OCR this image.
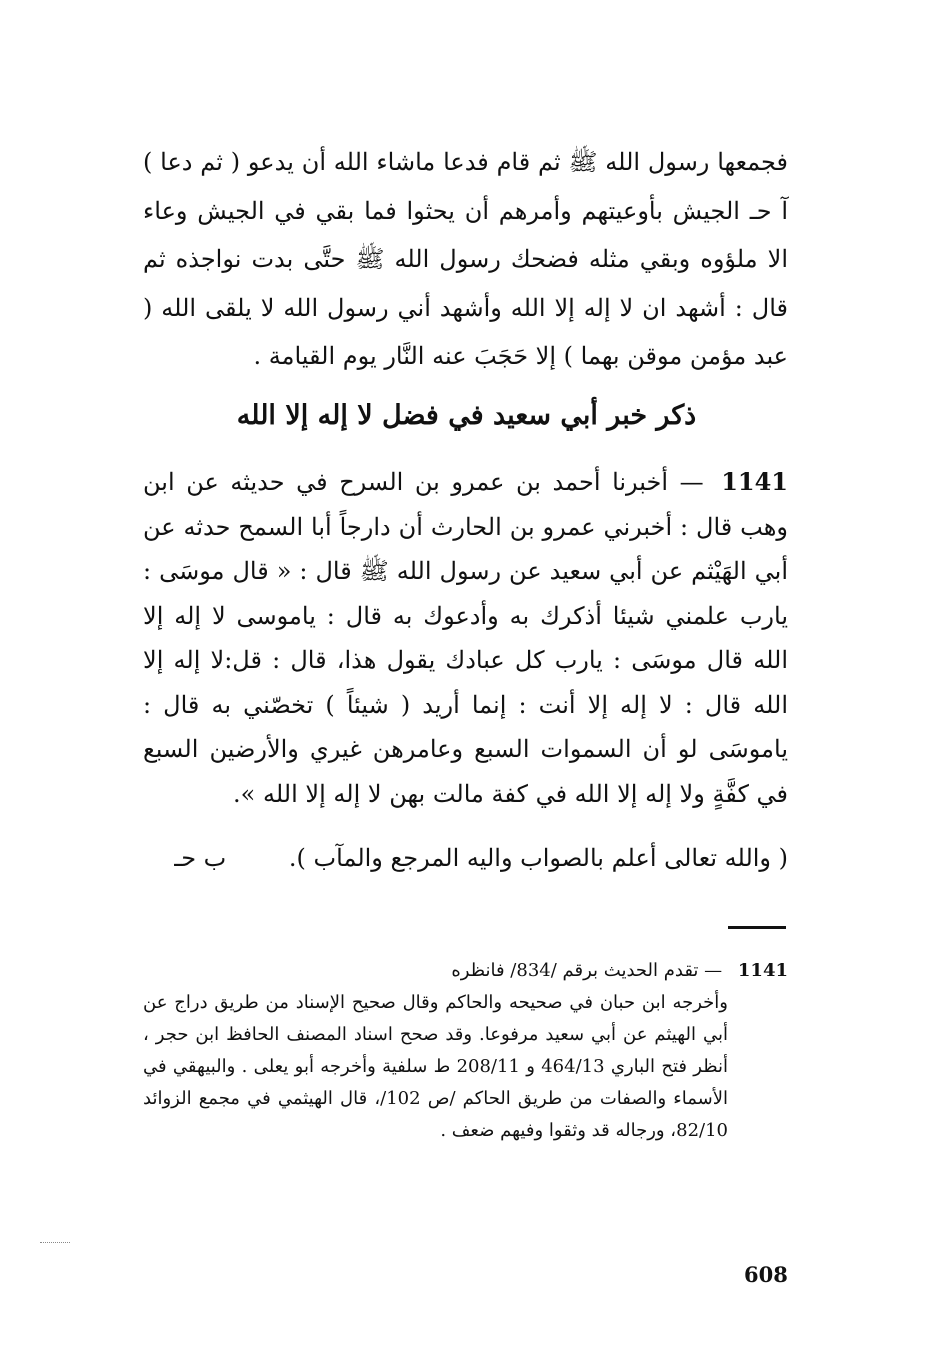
فجمعها رسول الله ﷺ ثم قام فدعا ماشاء الله أن يدعو ( ثم دعا ) آ حـ الجيش بأوعيتهم وأمرهم أن يحثوا فما بقي في الجيش وعاء الا ملؤوه وبقي مثله فضحك رسول الله ﷺ حتَّى بدت نواجذه ثم قال : أشهد ان لا إله إلا الله وأشهد أني رسول الله لا يلقى الله ( عبد مؤمن موقن بهما ) إلا حَجَبَ عنه النَّار يوم القيامة .
ذكر خبر أبي سعيد في فضل لا إله إلا الله
1141 — أخبرنا أحمد بن عمرو بن السرح في حديثه عن ابن وهب قال : أخبرني عمرو بن الحارث أن دارجاً أبا السمح حدثه عن أبي الهَيْثم عن أبي سعيد عن رسول الله ﷺ قال : « قال موسَى : يارب علمني شيئا أذكرك به وأدعوك به قال : ياموسى لا إله إلا الله قال موسَى : يارب كل عبادك يقول هذا، قال : قل:لا إله إلا الله قال : لا إله إلا أنت : إنما أريد ( شيئاً ) تخصّني به قال : ياموسَى لو أن السموات السبع وعامرهن غيري والأرضين السبع في كفَّةٍ ولا إله إلا الله في كفة مالت بهن لا إله إلا الله ».
( والله تعالى أعلم بالصواب واليه المرجع والمآب ). ب حـ
1141 — تقدم الحديث برقم /834/ فانظره
وأخرجه ابن حبان في صحيحه والحاكم وقال صحيح الإسناد من طريق دراج عن أبي الهيثم عن أبي سعيد مرفوعا. وقد صحح اسناد المصنف الحافظ ابن حجر ، أنظر فتح الباري 464/13 و 208/11 ط سلفية وأخرجه أبو يعلى . والبيهقي في الأسماء والصفات من طريق الحاكم /ص 102/، قال الهيثمي في مجمع الزوائد 82/10، ورجاله قد وثقوا وفيهم ضعف .
608
